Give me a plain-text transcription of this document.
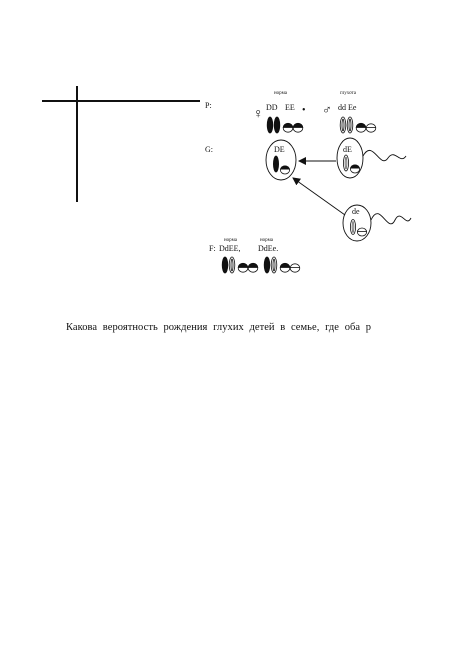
норма	глухота
P:
♀ DD EE • ♂ dd Ee
G:	DE	dE
de
норма	норма
F: DdEE, DdEe.
Какова вероятность рождения глухих детей в семье, где оба р
